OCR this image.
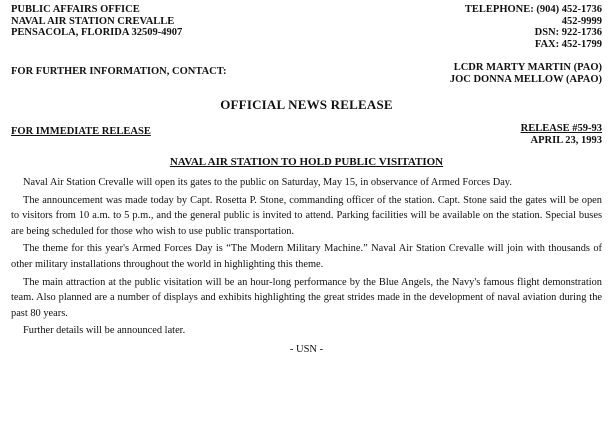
PUBLIC AFFAIRS OFFICE
NAVAL AIR STATION CREVALLE
PENSACOLA, FLORIDA 32509-4907
TELEPHONE: (904) 452-1736
452-9999
DSN: 922-1736
FAX: 452-1799
FOR FURTHER INFORMATION, CONTACT:	LCDR MARTY MARTIN (PAO)
JOC DONNA MELLOW (APAO)
OFFICIAL NEWS RELEASE
FOR IMMEDIATE RELEASE	RELEASE #59-93
APRIL 23, 1993
NAVAL AIR STATION TO HOLD PUBLIC VISITATION

Naval Air Station Crevalle will open its gates to the public on Saturday, May 15, in observance of Armed Forces Day.

The announcement was made today by Capt. Rosetta P. Stone, commanding officer of the station. Capt. Stone said the gates will be open to visitors from 10 a.m. to 5 p.m., and the general public is invited to attend. Parking facilities will be available on the station. Special buses are being scheduled for those who wish to use public transportation.

The theme for this year's Armed Forces Day is “The Modern Military Machine.” Naval Air Station Crevalle will join with thousands of other military installations throughout the world in highlighting this theme.

The main attraction at the public visitation will be an hour-long performance by the Blue Angels, the Navy's famous flight demonstration team. Also planned are a number of displays and exhibits highlighting the great strides made in the development of naval aviation during the past 80 years.

Further details will be announced later.

- USN -
